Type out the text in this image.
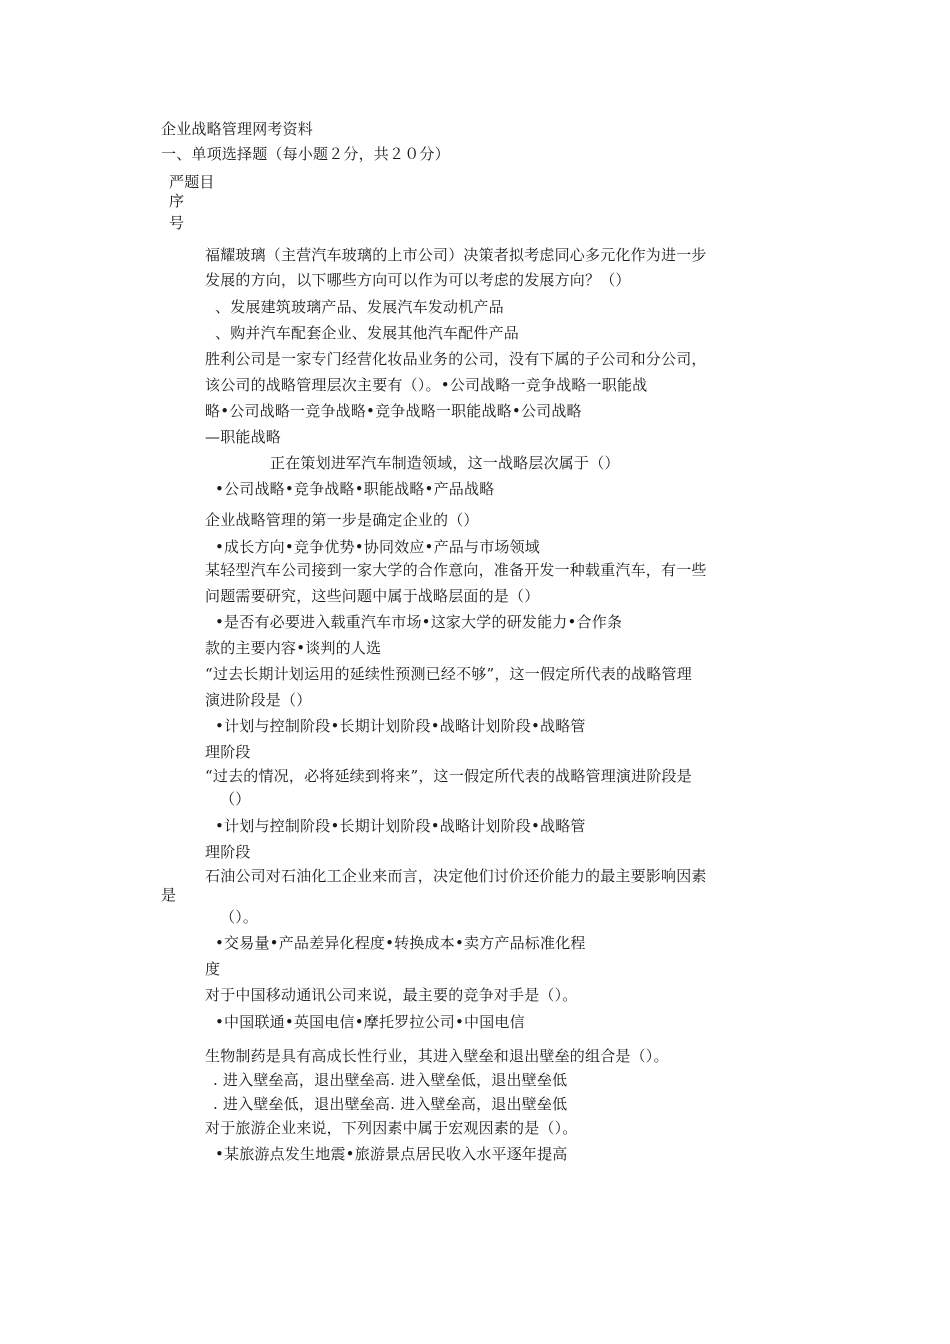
企业战略管理网考资料
一、单项选择题（每小题２分，共２０分）
严题目
序
号
福耀玻璃（主营汽车玻璃的上市公司）决策者拟考虑同心多元化作为进一步
发展的方向，以下哪些方向可以作为可以考虑的发展方向？（）
、发展建筑玻璃产品、发展汽车发动机产品
、购并汽车配套企业、发展其他汽车配件产品
胜利公司是一家专门经营化妆品业务的公司，没有下属的子公司和分公司，
该公司的战略管理层次主要有（）。•公司战略一竞争战略一职能战
略•公司战略一竞争战略•竞争战略一职能战略•公司战略
—职能战略
正在策划进军汽车制造领域，这一战略层次属于（）
•公司战略•竞争战略•职能战略•产品战略
企业战略管理的第一步是确定企业的（）
•成长方向•竞争优势•协同效应•产品与市场领域
某轻型汽车公司接到一家大学的合作意向，准备开发一种载重汽车，有一些
问题需要研究，这些问题中属于战略层面的是（）
•是否有必要进入载重汽车市场•这家大学的研发能力•合作条
款的主要内容•谈判的人选
“过去长期计划运用的延续性预测已经不够”，这一假定所代表的战略管理
演进阶段是（）
•计划与控制阶段•长期计划阶段•战略计划阶段•战略管
理阶段
“过去的情况，必将延续到将来”，这一假定所代表的战略管理演进阶段是
（）
•计划与控制阶段•长期计划阶段•战略计划阶段•战略管
理阶段
石油公司对石油化工企业来而言，决定他们讨价还价能力的最主要影响因素
是
（）。
•交易量•产品差异化程度•转换成本•卖方产品标准化程
度
对于中国移动通讯公司来说，最主要的竞争对手是（）。
•中国联通•英国电信•摩托罗拉公司•中国电信
生物制药是具有高成长性行业，其进入壁垒和退出壁垒的组合是（）。
. 进入壁垒高，退出壁垒高. 进入壁垒低，退出壁垒低
. 进入壁垒低，退出壁垒高. 进入壁垒高，退出壁垒低
对于旅游企业来说，下列因素中属于宏观因素的是（）。
•某旅游点发生地震•旅游景点居民收入水平逐年提高
